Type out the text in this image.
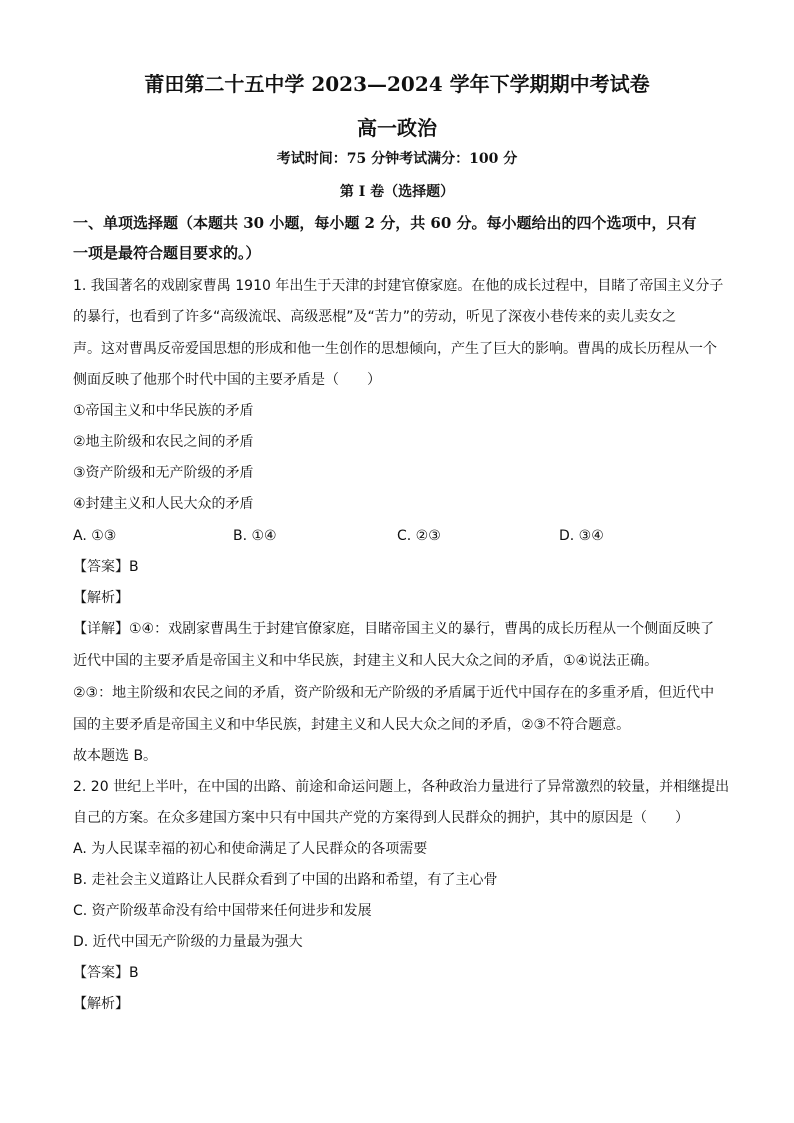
莆田第二十五中学 2023—2024 学年下学期期中考试卷
高一政治
考试时间：75 分钟考试满分：100 分
第 I 卷（选择题）
一、单项选择题（本题共 30 小题，每小题 2 分，共 60 分。每小题给出的四个选项中，只有
一项是最符合题目要求的。）
1. 我国著名的戏剧家曹禺 1910 年出生于天津的封建官僚家庭。在他的成长过程中，目睹了帝国主义分子
的暴行，也看到了许多“高级流氓、高级恶棍”及“苦力”的劳动，听见了深夜小巷传来的卖儿卖女之
声。这对曹禺反帝爱国思想的形成和他一生创作的思想倾向，产生了巨大的影响。曹禺的成长历程从一个
侧面反映了他那个时代中国的主要矛盾是（　　）
①帝国主义和中华民族的矛盾
②地主阶级和农民之间的矛盾
③资产阶级和无产阶级的矛盾
④封建主义和人民大众的矛盾
A. ①③	B. ①④	C. ②③	D. ③④
【答案】B
【解析】
【详解】①④：戏剧家曹禺生于封建官僚家庭，目睹帝国主义的暴行，曹禺的成长历程从一个侧面反映了
近代中国的主要矛盾是帝国主义和中华民族，封建主义和人民大众之间的矛盾，①④说法正确。
②③：地主阶级和农民之间的矛盾，资产阶级和无产阶级的矛盾属于近代中国存在的多重矛盾，但近代中
国的主要矛盾是帝国主义和中华民族，封建主义和人民大众之间的矛盾，②③不符合题意。
故本题选 B。
2. 20 世纪上半叶，在中国的出路、前途和命运问题上，各种政治力量进行了异常激烈的较量，并相继提出
自己的方案。在众多建国方案中只有中国共产党的方案得到人民群众的拥护，其中的原因是（　　）
A. 为人民谋幸福的初心和使命满足了人民群众的各项需要
B. 走社会主义道路让人民群众看到了中国的出路和希望，有了主心骨
C. 资产阶级革命没有给中国带来任何进步和发展
D. 近代中国无产阶级的力量最为强大
【答案】B
【解析】
